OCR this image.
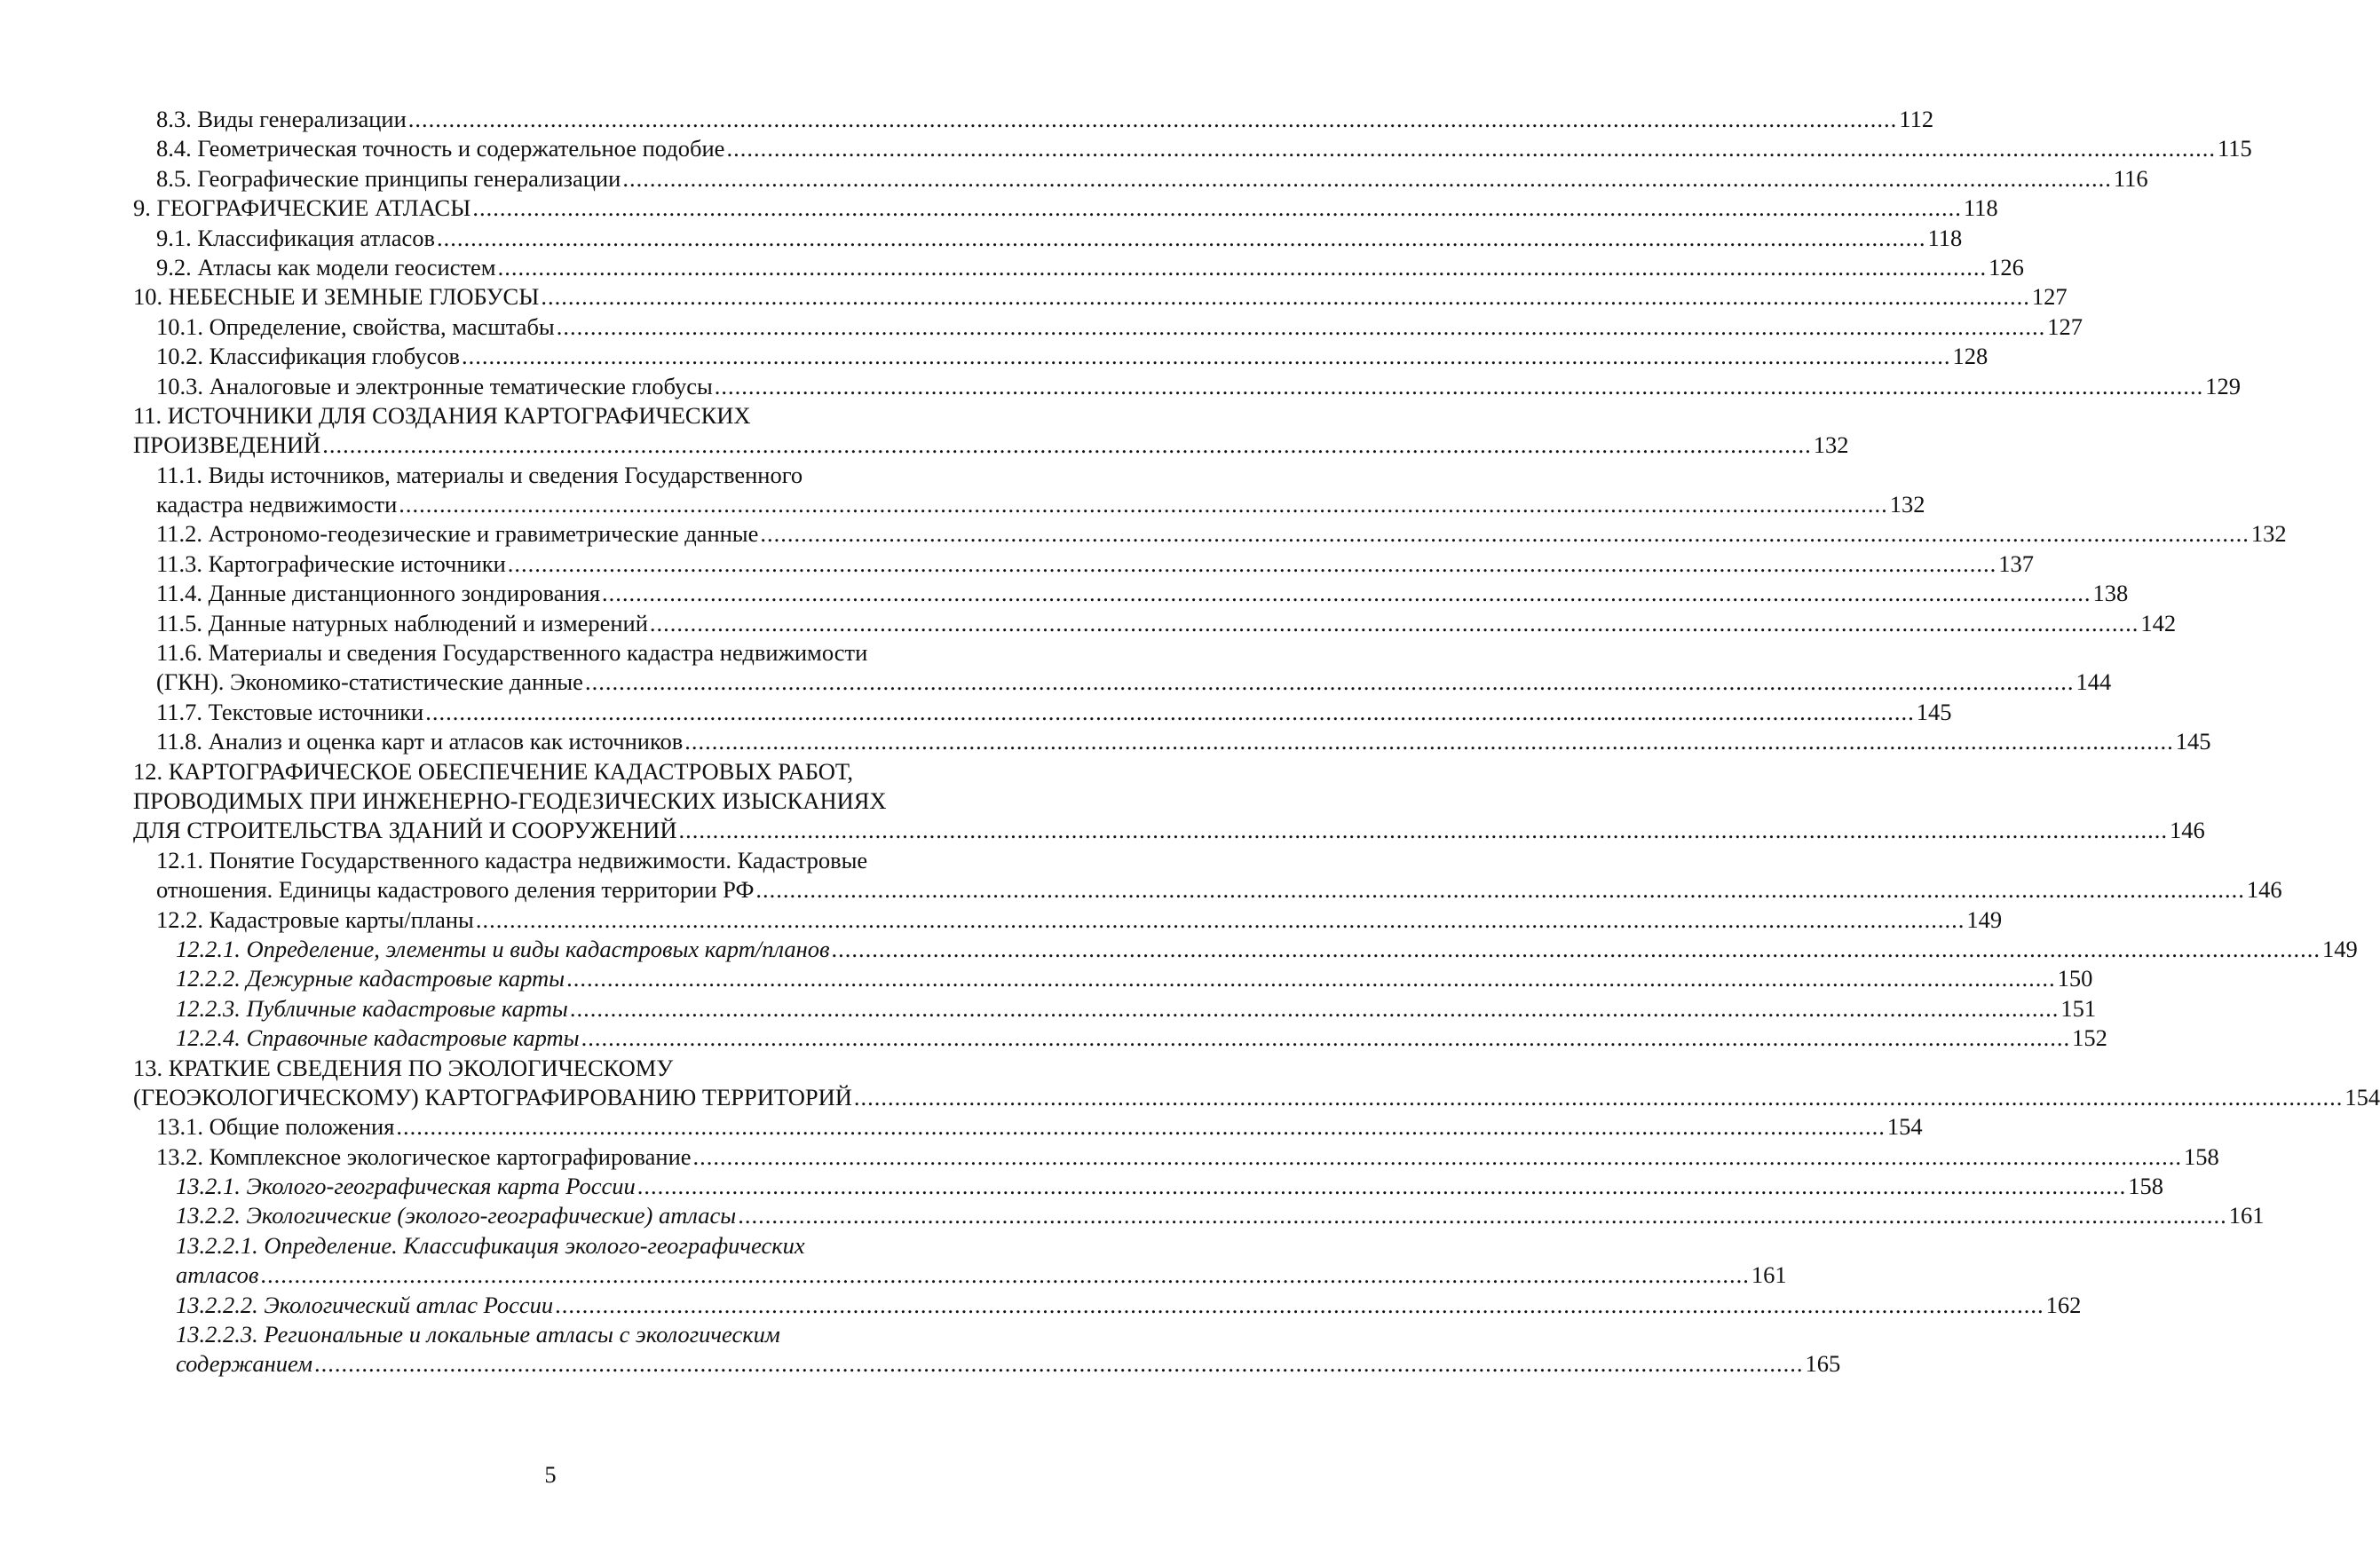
8.3. Виды генерализации ............................................................................................................................................................................................................................ 112
8.4. Геометрическая точность и содержательное подобие ............................................................................................................................................................................................................................ 115
8.5. Географические принципы генерализации ............................................................................................................................................................................................................................ 116
9. ГЕОГРАФИЧЕСКИЕ АТЛАСЫ ............................................................................................................................................................................................................................ 118
9.1. Классификация атласов ............................................................................................................................................................................................................................ 118
9.2. Атласы как модели геосистем ............................................................................................................................................................................................................................ 126
10. НЕБЕСНЫЕ И ЗЕМНЫЕ ГЛОБУСЫ ............................................................................................................................................................................................................................ 127
10.1. Определение, свойства, масштабы ............................................................................................................................................................................................................................ 127
10.2. Классификация глобусов ............................................................................................................................................................................................................................ 128
10.3. Аналоговые и электронные тематические глобусы ............................................................................................................................................................................................................................ 129
11. ИСТОЧНИКИ ДЛЯ СОЗДАНИЯ КАРТОГРАФИЧЕСКИХ
ПРОИЗВЕДЕНИЙ ............................................................................................................................................................................................................................ 132
11.1. Виды источников, материалы и сведения Государственного
кадастра недвижимости ............................................................................................................................................................................................................................ 132
11.2. Астрономо-геодезические и гравиметрические данные ............................................................................................................................................................................................................................ 132
11.3. Картографические источники ............................................................................................................................................................................................................................ 137
11.4. Данные дистанционного зондирования ............................................................................................................................................................................................................................ 138
11.5. Данные натурных наблюдений и измерений ............................................................................................................................................................................................................................ 142
11.6. Материалы и сведения Государственного кадастра недвижимости
(ГКН). Экономико-статистические данные ............................................................................................................................................................................................................................ 144
11.7. Текстовые источники ............................................................................................................................................................................................................................ 145
11.8. Анализ и оценка карт и атласов как источников ............................................................................................................................................................................................................................ 145
12. КАРТОГРАФИЧЕСКОЕ ОБЕСПЕЧЕНИЕ КАДАСТРОВЫХ РАБОТ,
ПРОВОДИМЫХ ПРИ ИНЖЕНЕРНО-ГЕОДЕЗИЧЕСКИХ ИЗЫСКАНИЯХ
ДЛЯ СТРОИТЕЛЬСТВА ЗДАНИЙ И СООРУЖЕНИЙ ............................................................................................................................................................................................................................ 146
12.1. Понятие Государственного кадастра недвижимости. Кадастровые
отношения. Единицы кадастрового деления территории РФ ............................................................................................................................................................................................................................ 146
12.2. Кадастровые карты/планы ............................................................................................................................................................................................................................ 149
12.2.1. Определение, элементы и виды кадастровых карт/планов ............................................................................................................................................................................................................................ 149
12.2.2. Дежурные кадастровые карты ............................................................................................................................................................................................................................ 150
12.2.3. Публичные кадастровые карты ............................................................................................................................................................................................................................ 151
12.2.4. Справочные кадастровые карты ............................................................................................................................................................................................................................ 152
13. КРАТКИЕ СВЕДЕНИЯ ПО ЭКОЛОГИЧЕСКОМУ
(ГЕОЭКОЛОГИЧЕСКОМУ) КАРТОГРАФИРОВАНИЮ ТЕРРИТОРИЙ ............................................................................................................................................................................................................................ 154
13.1. Общие положения ............................................................................................................................................................................................................................ 154
13.2. Комплексное экологическое картографирование ............................................................................................................................................................................................................................ 158
13.2.1. Эколого-географическая карта России ............................................................................................................................................................................................................................ 158
13.2.2. Экологические (эколого-географические) атласы ............................................................................................................................................................................................................................ 161
13.2.2.1. Определение. Классификация эколого-географических
атласов ............................................................................................................................................................................................................................ 161
13.2.2.2. Экологический атлас России ............................................................................................................................................................................................................................ 162
13.2.2.3. Региональные и локальные атласы с экологическим
содержанием ............................................................................................................................................................................................................................ 165
5
